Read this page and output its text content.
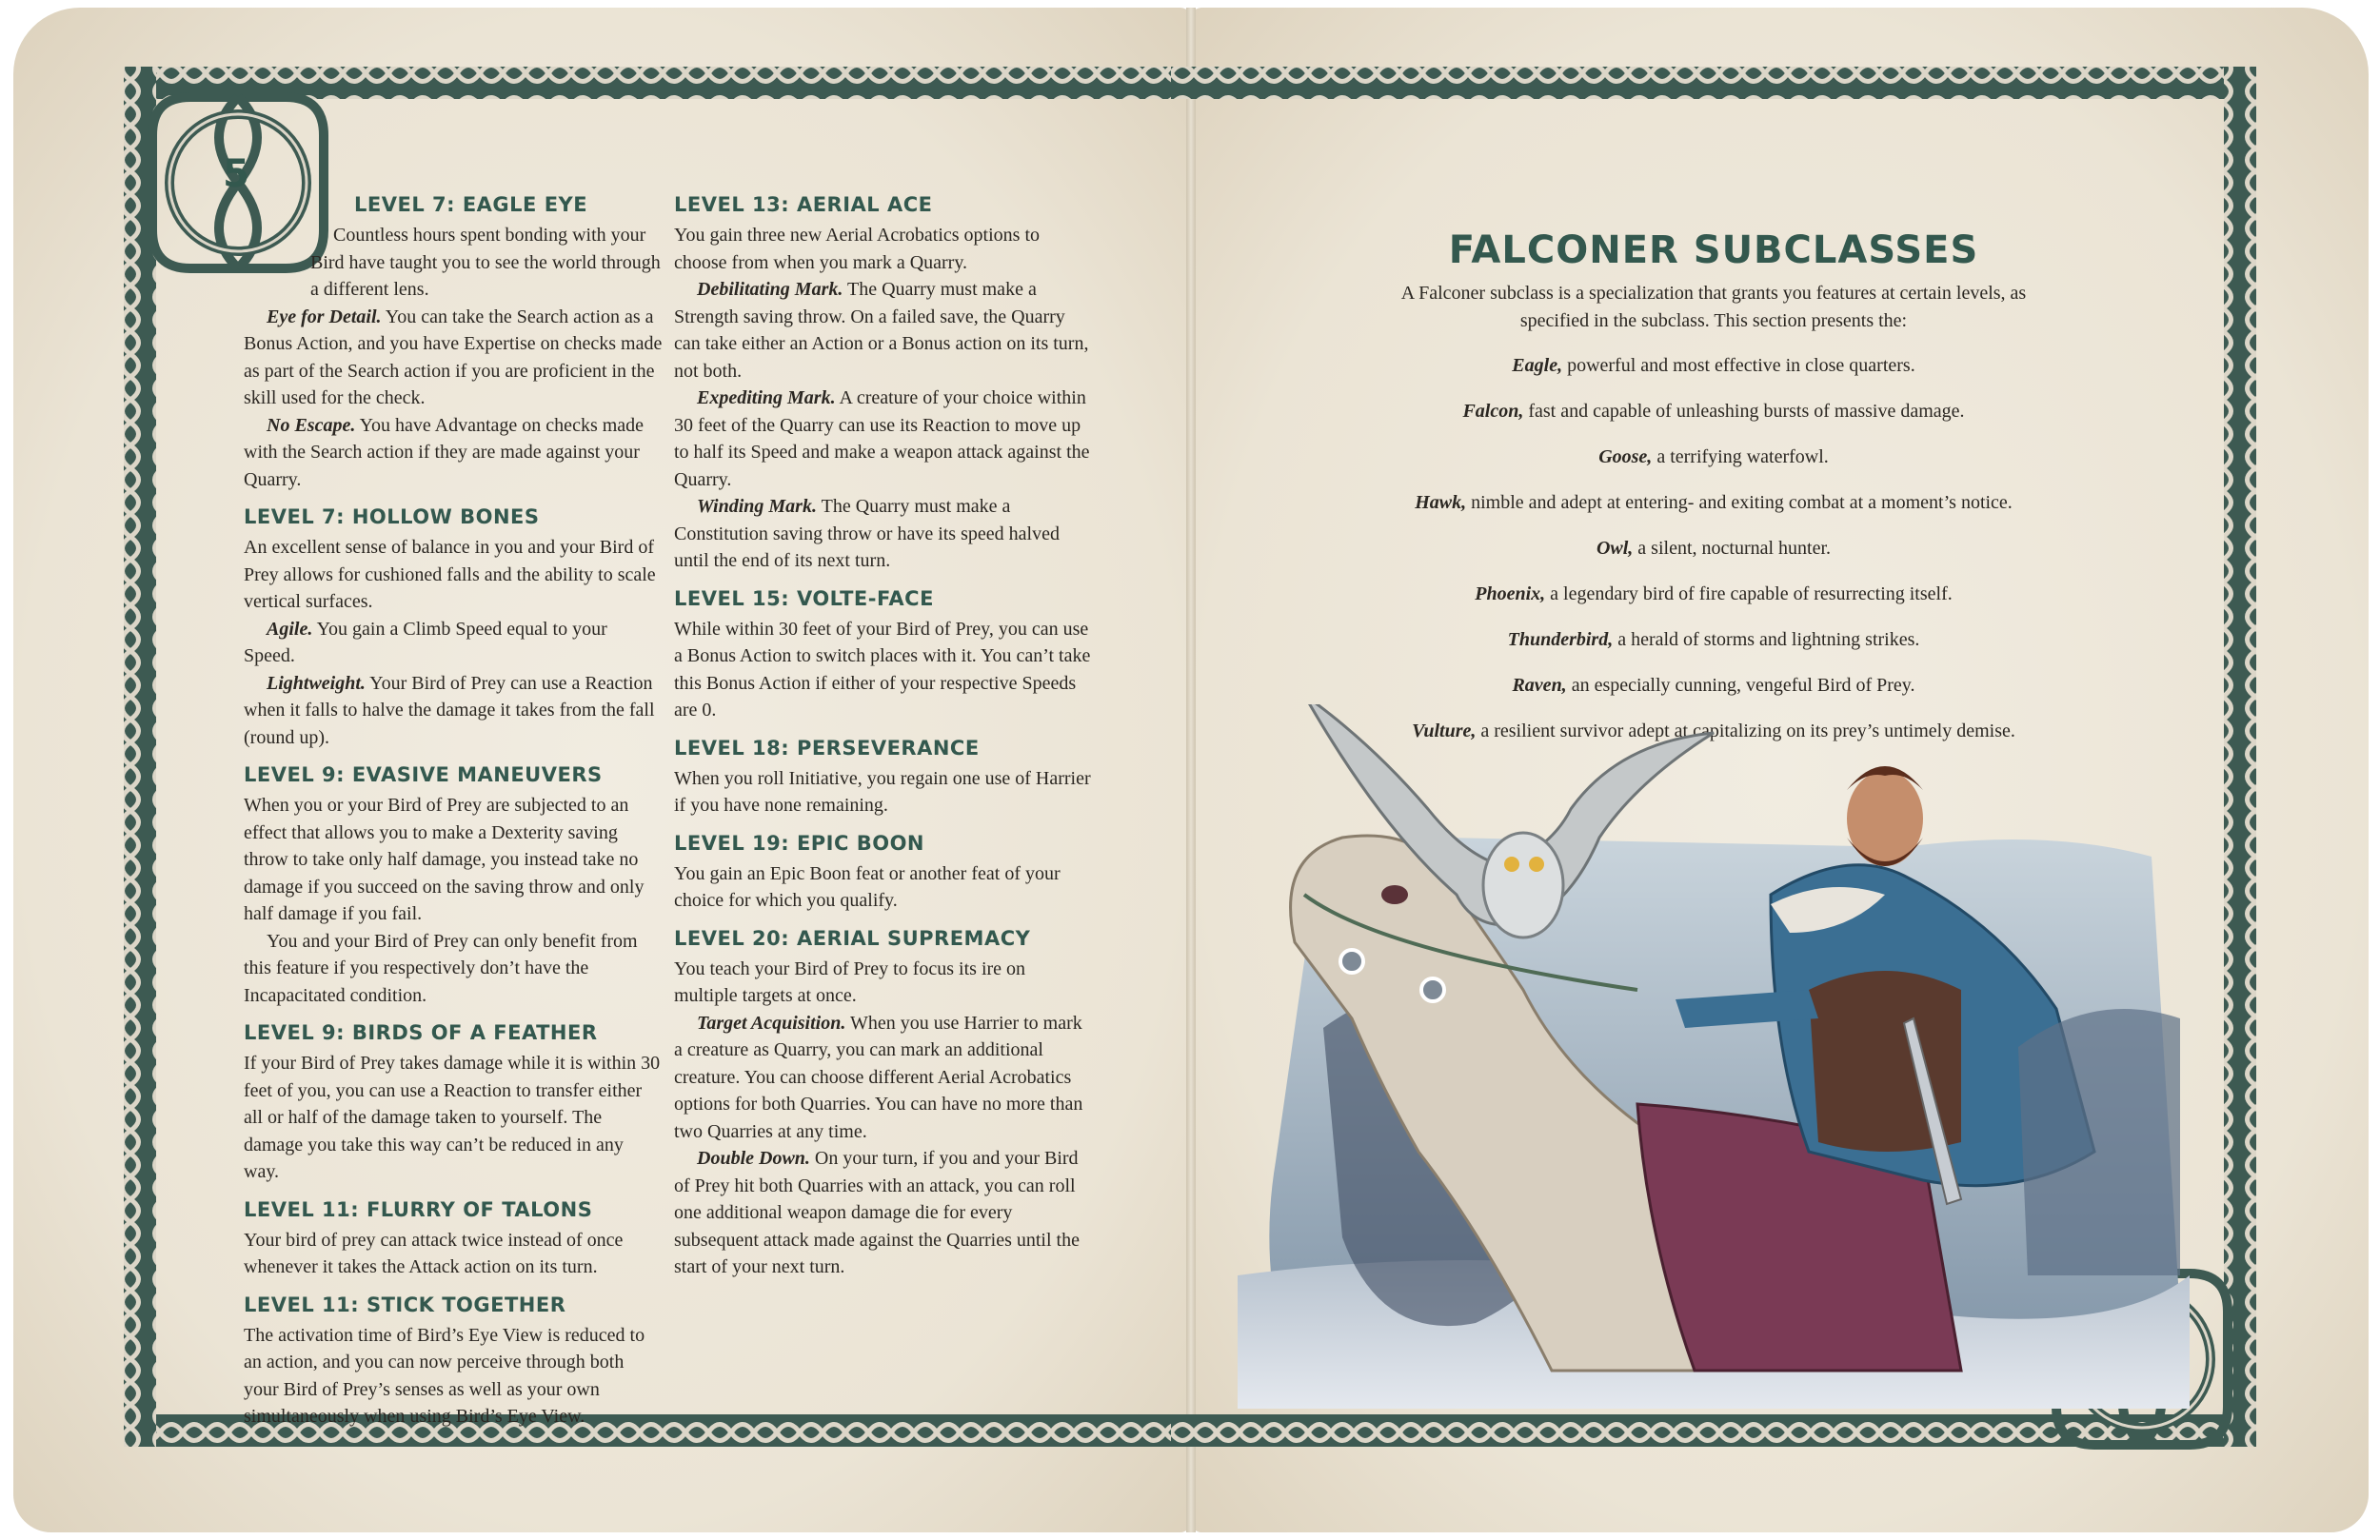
5
LEVEL 7: EAGLE EYE

Countless hours spent bonding with your Bird have taught you to see the world through a different lens.

Eye for Detail. You can take the Search action as a Bonus Action, and you have Expertise on checks made as part of the Search action if you are proficient in the skill used for the check.

No Escape. You have Advantage on checks made with the Search action if they are made against your Quarry.

LEVEL 7: HOLLOW BONES

An excellent sense of balance in you and your Bird of Prey allows for cushioned falls and the ability to scale vertical surfaces.

Agile. You gain a Climb Speed equal to your Speed.

Lightweight. Your Bird of Prey can use a Reaction when it falls to halve the damage it takes from the fall (round up).

LEVEL 9: EVASIVE MANEUVERS

When you or your Bird of Prey are subjected to an effect that allows you to make a Dexterity saving throw to take only half damage, you instead take no damage if you succeed on the saving throw and only half damage if you fail.

You and your Bird of Prey can only benefit from this feature if you respectively don’t have the Incapacitated condition.

LEVEL 9: BIRDS OF A FEATHER

If your Bird of Prey takes damage while it is within 30 feet of you, you can use a Reaction to transfer either all or half of the damage taken to yourself. The damage you take this way can’t be reduced in any way.

LEVEL 11: FLURRY OF TALONS

Your bird of prey can attack twice instead of once whenever it takes the Attack action on its turn.

LEVEL 11: STICK TOGETHER

The activation time of Bird’s Eye View is reduced to an action, and you can now perceive through both your Bird of Prey’s senses as well as your own simultaneously when using Bird’s Eye View.

LEVEL 13: AERIAL ACE

You gain three new Aerial Acrobatics options to choose from when you mark a Quarry.

Debilitating Mark. The Quarry must make a Strength saving throw. On a failed save, the Quarry can take either an Action or a Bonus action on its turn, not both.

Expediting Mark. A creature of your choice within 30 feet of the Quarry can use its Reaction to move up to half its Speed and make a weapon attack against the Quarry.

Winding Mark. The Quarry must make a Constitution saving throw or have its speed halved until the end of its next turn.

LEVEL 15: VOLTE-FACE

While within 30 feet of your Bird of Prey, you can use a Bonus Action to switch places with it. You can’t take this Bonus Action if either of your respective Speeds are 0.

LEVEL 18: PERSEVERANCE

When you roll Initiative, you regain one use of Harrier if you have none remaining.

LEVEL 19: EPIC BOON

You gain an Epic Boon feat or another feat of your choice for which you qualify.

LEVEL 20: AERIAL SUPREMACY

You teach your Bird of Prey to focus its ire on multiple targets at once.

Target Acquisition. When you use Harrier to mark a creature as Quarry, you can mark an additional creature. You can choose different Aerial Acrobatics options for both Quarries. You can have no more than two Quarries at any time.

Double Down. On your turn, if you and your Bird of Prey hit both Quarries with an attack, you can roll one additional weapon damage die for every subsequent attack made against the Quarries until the start of your next turn.

FALCONER SUBCLASSES
A Falconer subclass is a specialization that grants you features at certain levels, as specified in the subclass. This section presents the:
Eagle, powerful and most effective in close quarters.
Falcon, fast and capable of unleashing bursts of massive damage.
Goose, a terrifying waterfowl.
Hawk, nimble and adept at entering- and exiting combat at a moment’s notice.
Owl, a silent, nocturnal hunter.
Phoenix, a legendary bird of fire capable of resurrecting itself.
Thunderbird, a herald of storms and lightning strikes.
Raven, an especially cunning, vengeful Bird of Prey.
Vulture, a resilient survivor adept at capitalizing on its prey’s untimely demise.
